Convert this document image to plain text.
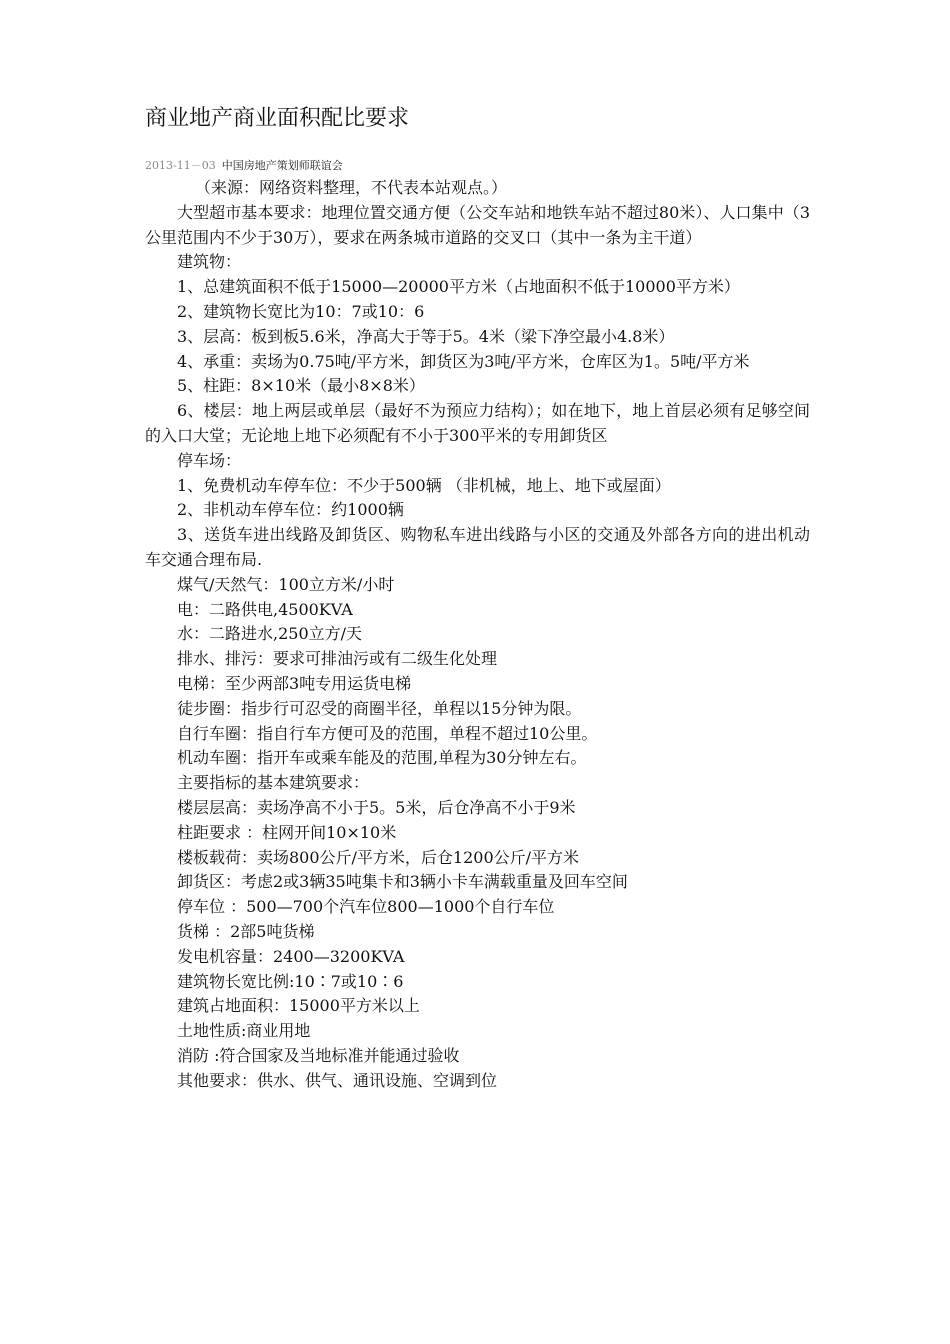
商业地产商业面积配比要求
2013-11－03 中国房地产策划师联谊会

（来源：网络资料整理，不代表本站观点。）

大型超市基本要求：地理位置交通方便（公交车站和地铁车站不超过80米）、人口集中（3公里范围内不少于30万），要求在两条城市道路的交叉口（其中一条为主干道）

建筑物：

1、总建筑面积不低于15000—20000平方米（占地面积不低于10000平方米）

2、建筑物长宽比为10：7或10：6

3、层高：板到板5.6米，净高大于等于5。4米（梁下净空最小4.8米）

4、承重：卖场为0.75吨/平方米，卸货区为3吨/平方米，仓库区为1。5吨/平方米

5、柱距：8×10米（最小8×8米）

6、楼层：地上两层或单层（最好不为预应力结构）；如在地下，地上首层必须有足够空间的入口大堂；无论地上地下必须配有不小于300平米的专用卸货区

停车场：

1、免费机动车停车位：不少于500辆 （非机械，地上、地下或屋面）

2、非机动车停车位：约1000辆

3、送货车进出线路及卸货区、购物私车进出线路与小区的交通及外部各方向的进出机动车交通合理布局.

煤气/天然气：100立方米/小时

电：二路供电,4500KVA

水：二路进水,250立方/天

排水、排污：要求可排油污或有二级生化处理

电梯：至少两部3吨专用运货电梯

徒步圈：指步行可忍受的商圈半径，单程以15分钟为限。

自行车圈：指自行车方便可及的范围，单程不超过10公里。

机动车圈：指开车或乘车能及的范围,单程为30分钟左右。

主要指标的基本建筑要求：

楼层层高：卖场净高不小于5。5米，后仓净高不小于9米

柱距要求 ：柱网开间10×10米

楼板载荷：卖场800公斤/平方米，后仓1200公斤/平方米

卸货区：考虑2或3辆35吨集卡和3辆小卡车满载重量及回车空间

停车位 ：500—700个汽车位800—1000个自行车位

货梯 ：2部5吨货梯

发电机容量：2400—3200KVA

建筑物长宽比例:10∶7或10∶6

建筑占地面积：15000平方米以上

土地性质:商业用地

消防 :符合国家及当地标准并能通过验收

其他要求：供水、供气、通讯设施、空调到位
